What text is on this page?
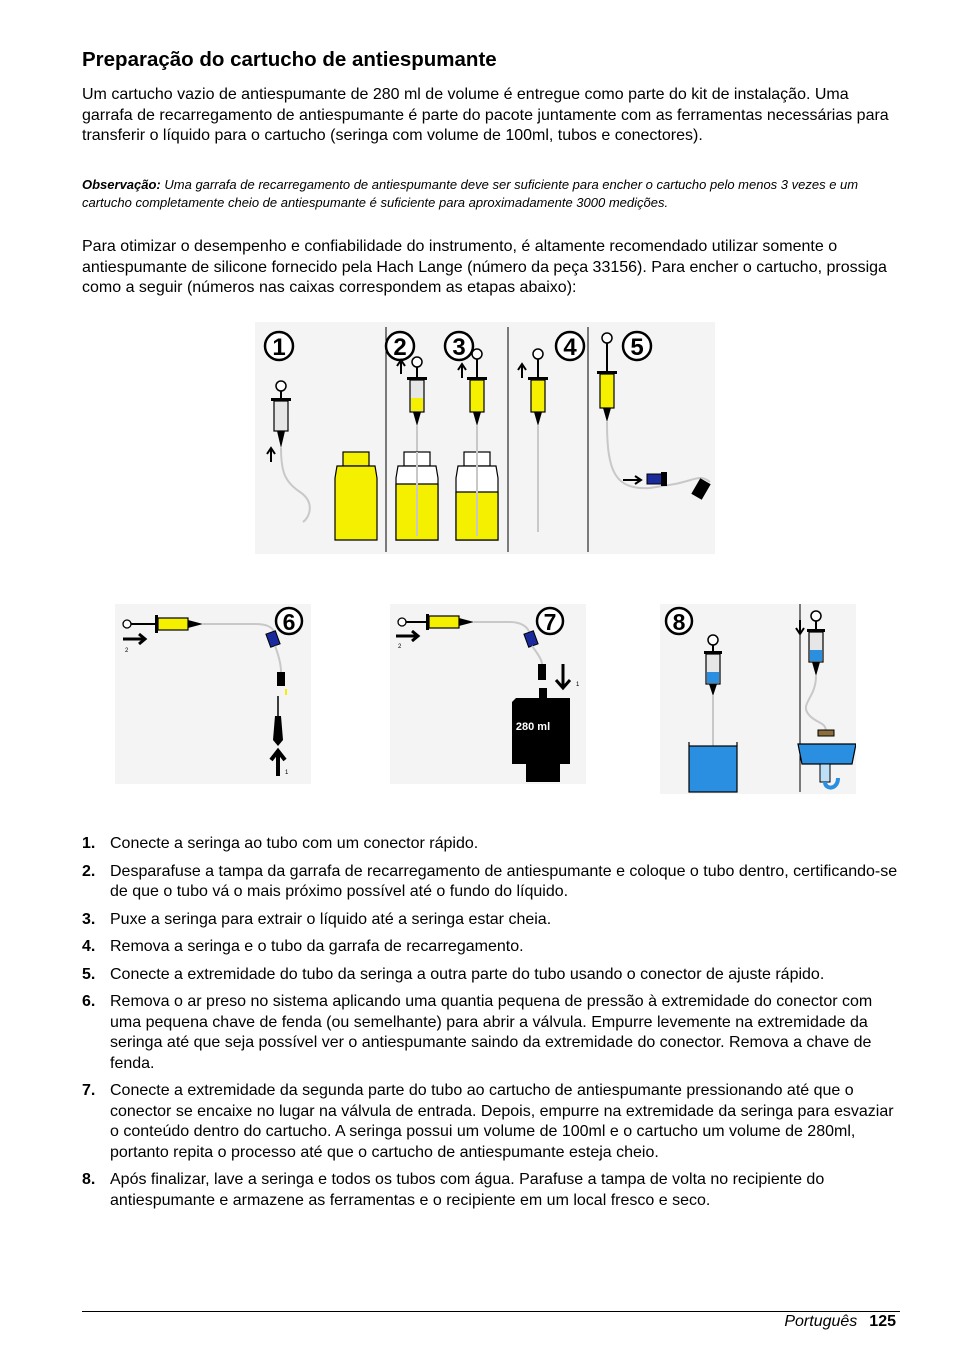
Preparação do cartucho de antiespumante

Um cartucho vazio de antiespumante de 280 ml de volume é entregue como parte do kit de instalação. Uma garrafa de recarregamento de antiespumante é parte do pacote juntamente com as ferramentas necessárias para transferir o líquido para o cartucho (seringa com volume de 100ml, tubos e conectores).

Observação: Uma garrafa de recarregamento de antiespumante deve ser suficiente para encher o cartucho pelo menos 3 vezes e um cartucho completamente cheio de antiespumante é suficiente para aproximadamente 3000 medições.

Para otimizar o desempenho e confiabilidade do instrumento, é altamente recomendado utilizar somente o antiespumante de silicone fornecido pela Hach Lange (número da peça 33156). Para encher o cartucho, prossiga como a seguir (números nas caixas correspondem as etapas abaixo):

1	2 3	4 5
6
2
1
7
2
1
280 ml
8
1. Conecte a seringa ao tubo com um conector rápido.
2. Desparafuse a tampa da garrafa de recarregamento de antiespumante e coloque o tubo dentro, certificando-se de que o tubo vá o mais próximo possível até o fundo do líquido.
3. Puxe a seringa para extrair o líquido até a seringa estar cheia.
4. Remova a seringa e o tubo da garrafa de recarregamento.
5. Conecte a extremidade do tubo da seringa a outra parte do tubo usando o conector de ajuste rápido.
6. Remova o ar preso no sistema aplicando uma quantia pequena de pressão à extremidade do conector com uma pequena chave de fenda (ou semelhante) para abrir a válvula. Empurre levemente na extremidade da seringa até que seja possível ver o antiespumante saindo da extremidade do conector. Remova a chave de fenda.
7. Conecte a extremidade da segunda parte do tubo ao cartucho de antiespumante pressionando até que o conector se encaixe no lugar na válvula de entrada. Depois, empurre na extremidade da seringa para esvaziar o conteúdo dentro do cartucho. A seringa possui um volume de 100ml e o cartucho um volume de 280ml, portanto repita o processo até que o cartucho de antiespumante esteja cheio.
8. Após finalizar, lave a seringa e todos os tubos com água. Parafuse a tampa de volta no recipiente do antiespumante e armazene as ferramentas e o recipiente em um local fresco e seco.
Português 125
